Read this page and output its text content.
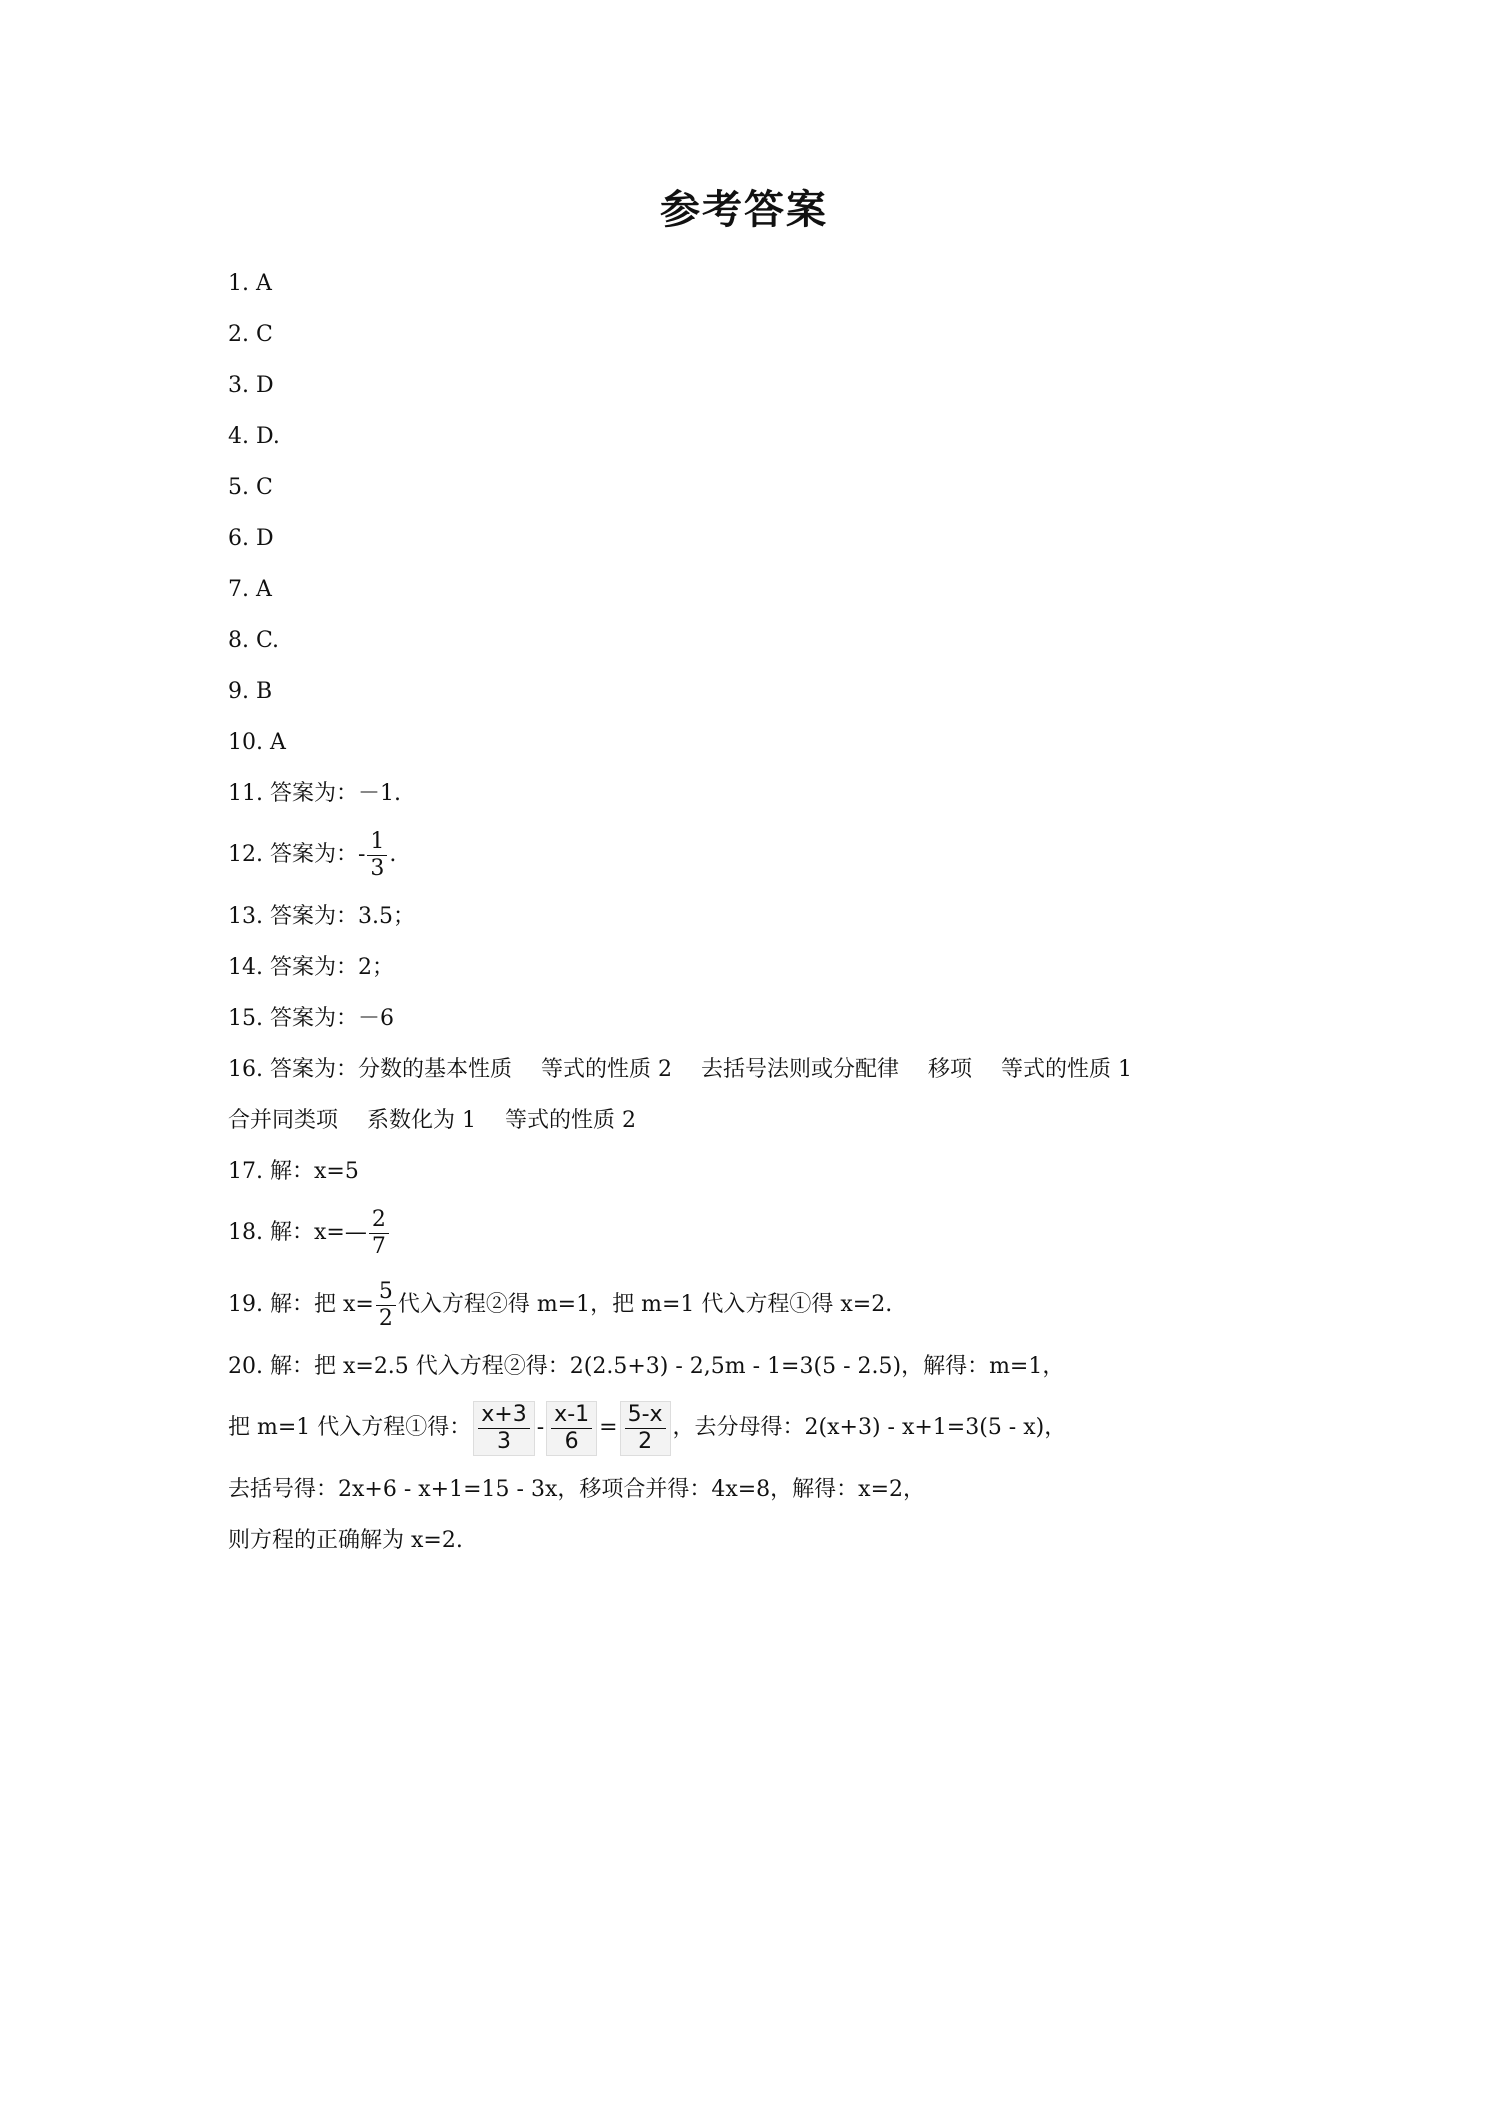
参考答案
1. A
2. C
3. D
4. D.
5. C
6. D
7. A
8. C.
9. B
10. A
11. 答案为：－1.
12. 答案为：- $\frac{1}{3}$ .
13. 答案为：3.5；
14. 答案为：2；
15. 答案为：－6
16. 答案为：分数的基本性质 等式的性质 2 去括号法则或分配律 移项 等式的性质 1
合并同类项 系数化为 1 等式的性质 2
17. 解：x=5
18. 解：x=— $\frac{2}{7}$
19. 解：把 $x= \frac{5}{2}$ 代入方程②得 m=1，把 m=1 代入方程①得 x=2.
20. 解：把 x=2.5 代入方程②得：2(2.5+3) - 2,5m - 1=3(5 - 2.5)，解得：m=1，
把 m=1 代入方程①得： $\frac{x+3}{3} - \frac{x-1}{6} = \frac{5-x}{2}$ ，去分母得：2(x+3) - x+1=3(5 - x)，
去括号得：2x+6 - x+1=15 - 3x，移项合并得：4x=8，解得：x=2，
则方程的正确解为 x=2.
